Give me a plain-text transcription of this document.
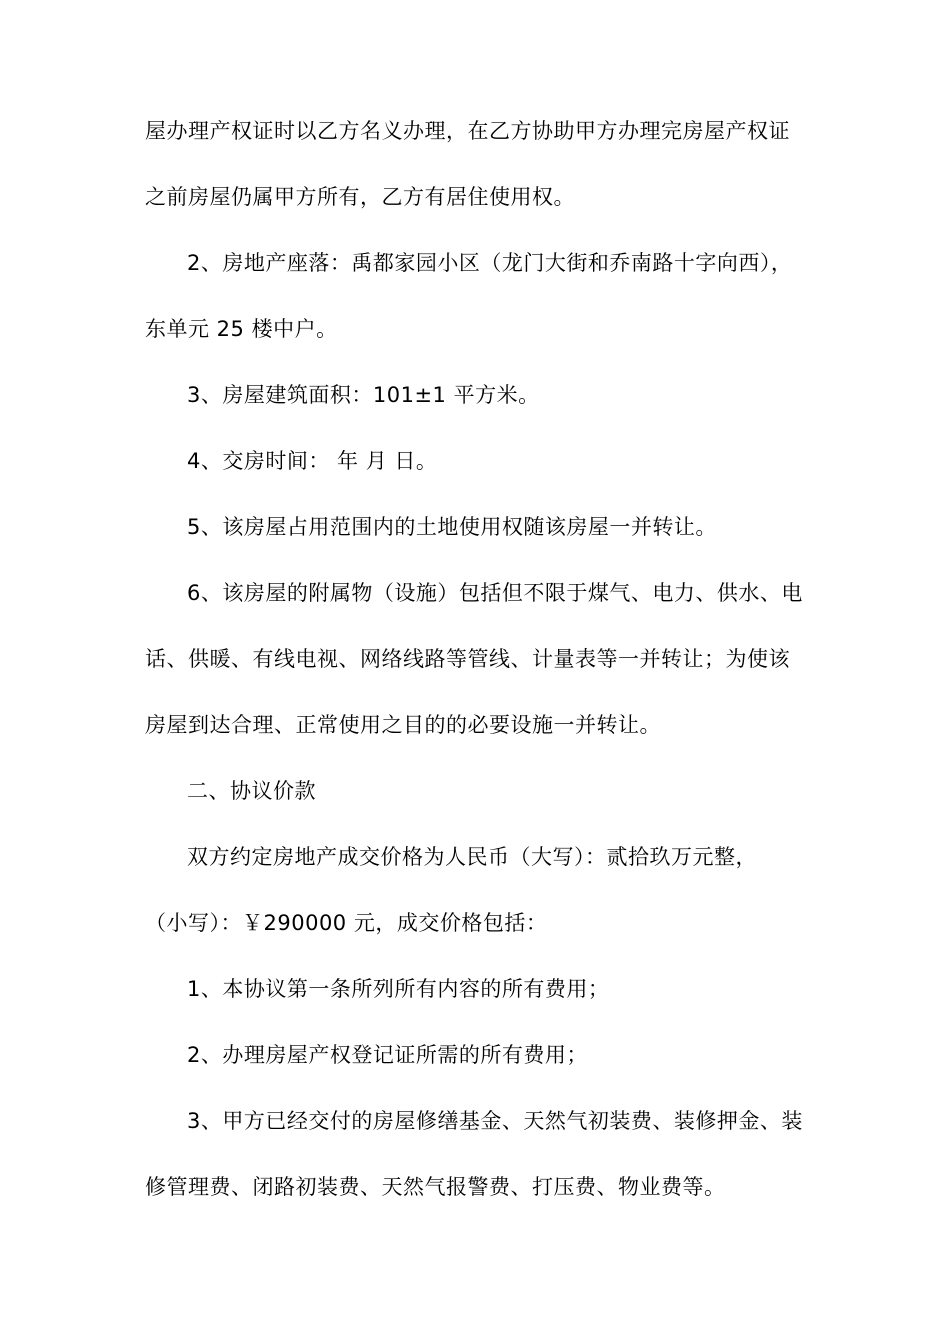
屋办理产权证时以乙方名义办理，在乙方协助甲方办理完房屋产权证
之前房屋仍属甲方所有，乙方有居住使用权。
2、房地产座落：禹都家园小区（龙门大街和乔南路十字向西），
东单元 25 楼中户。
3、房屋建筑面积：101±1 平方米。
4、交房时间： 年 月 日。
5、该房屋占用范围内的土地使用权随该房屋一并转让。
6、该房屋的附属物（设施）包括但不限于煤气、电力、供水、电
话、供暖、有线电视、网络线路等管线、计量表等一并转让；为使该
房屋到达合理、正常使用之目的的必要设施一并转让。
二、协议价款
双方约定房地产成交价格为人民币（大写）：贰拾玖万元整，
（小写）：￥290000 元，成交价格包括：
1、本协议第一条所列所有内容的所有费用；
2、办理房屋产权登记证所需的所有费用；
3、甲方已经交付的房屋修缮基金、天然气初装费、装修押金、装
修管理费、闭路初装费、天然气报警费、打压费、物业费等。
